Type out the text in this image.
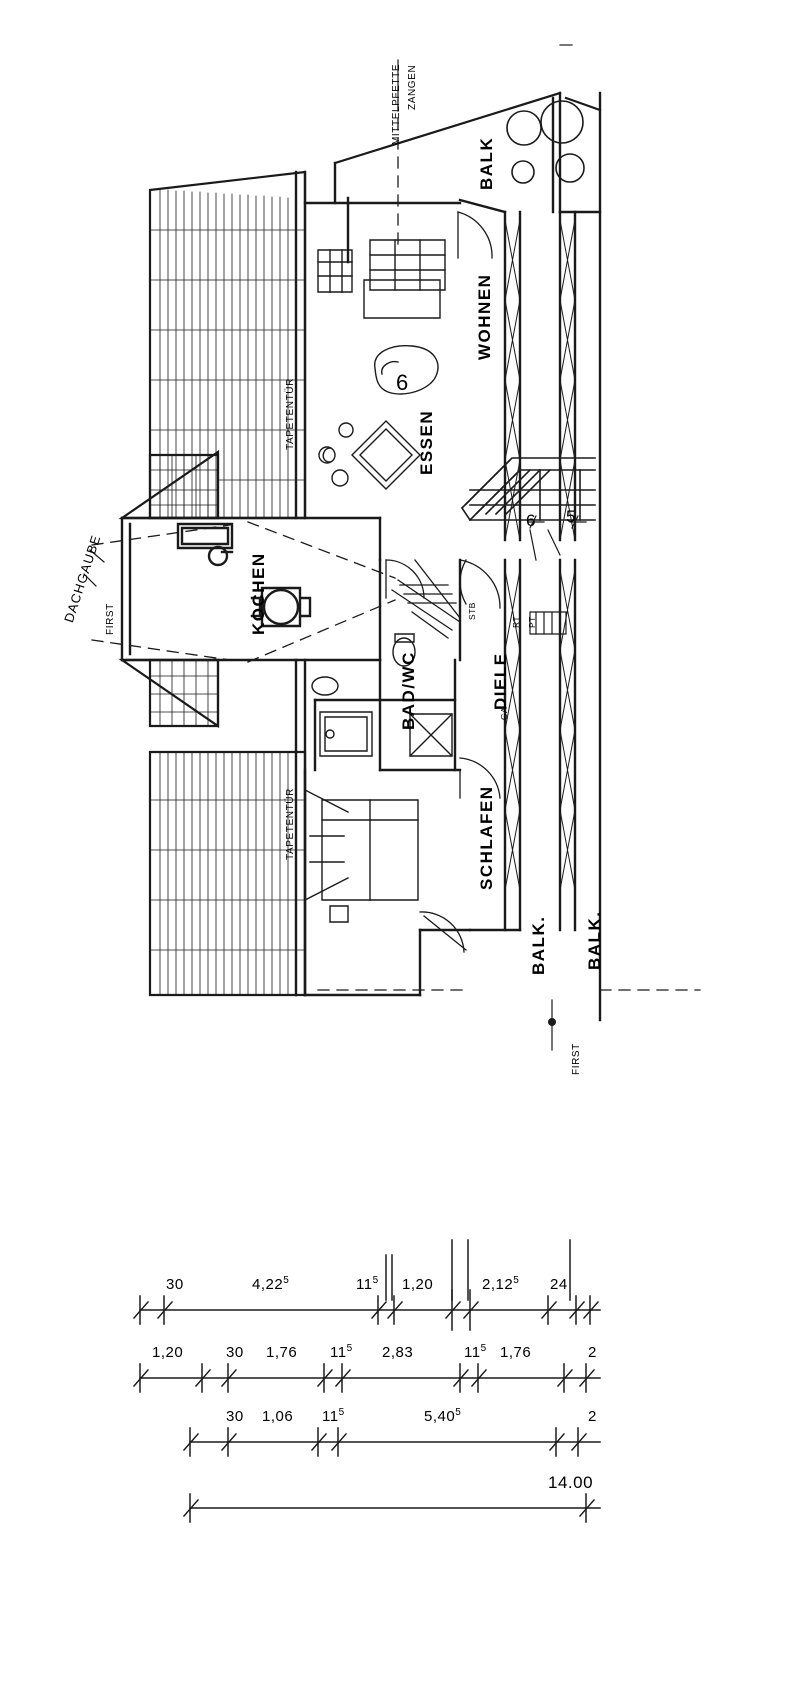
ZANGEN
MITTELPFETTE
BALK
WOHNEN
ESSEN
TAPETENTÜR
KOCHEN
BAD/WC	DIELE
SCHLAFEN
TAPETENTÜR
FIRST
DACHGAUBE
FIRST
STB
RT PT
GA
BALK. BALK.
6
6 5
30	4,22$^5$	$11^5$ 1,20	2,12$^5$ 24
1,20	30 1,76 $11^5$ 2,83	$11^5$ 1,76	2
30 1,06 $11^5$	5,40$^5$	2
14.00
